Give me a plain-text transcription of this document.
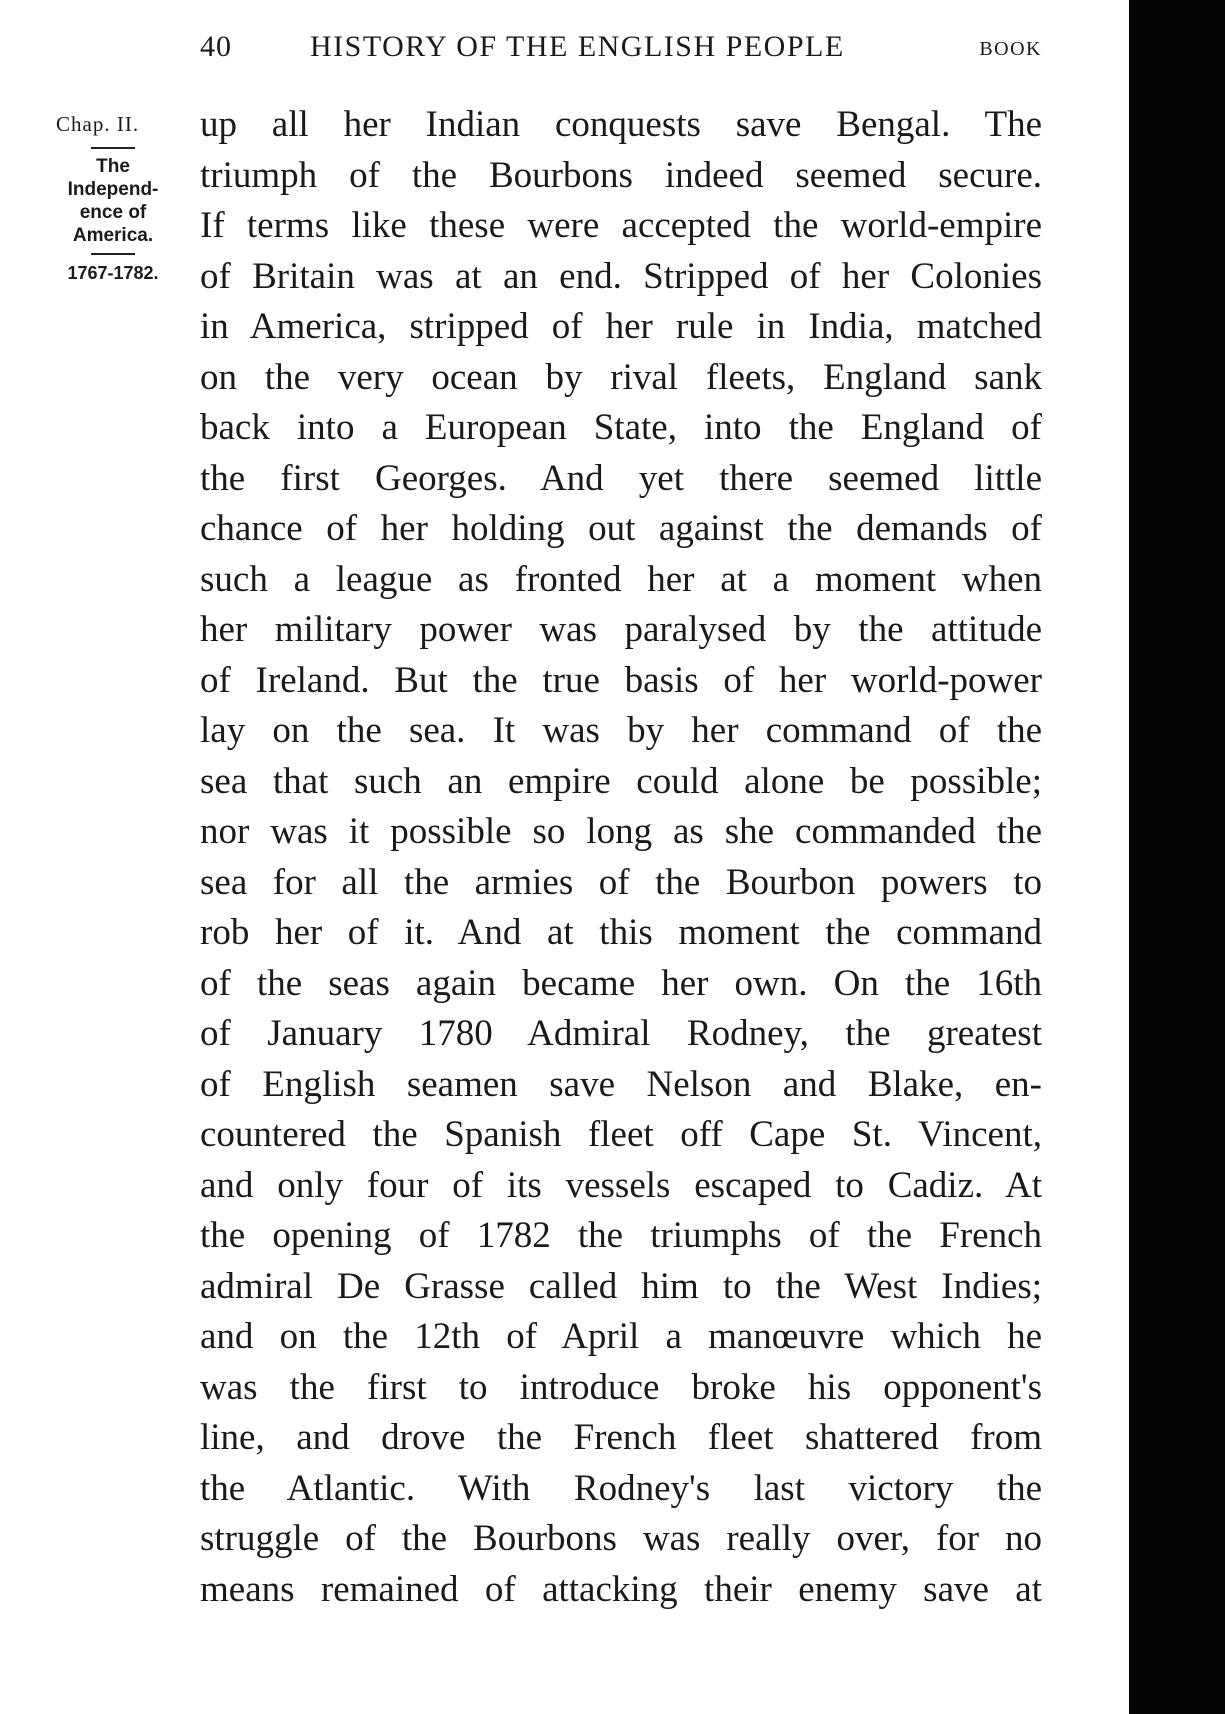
40	HISTORY OF THE ENGLISH PEOPLE	BOOK
Chap. II.
The
Independ-
ence of
America.
1767-1782.
up all her Indian conquests save Bengal. The
triumph of the Bourbons indeed seemed secure.
If terms like these were accepted the world-empire
of Britain was at an end. Stripped of her Colonies
in America, stripped of her rule in India, matched
on the very ocean by rival fleets, England sank
back into a European State, into the England of
the first Georges. And yet there seemed little
chance of her holding out against the demands of
such a league as fronted her at a moment when
her military power was paralysed by the attitude
of Ireland. But the true basis of her world-power
lay on the sea. It was by her command of the
sea that such an empire could alone be possible;
nor was it possible so long as she commanded the
sea for all the armies of the Bourbon powers to
rob her of it. And at this moment the command
of the seas again became her own. On the 16th
of January 1780 Admiral Rodney, the greatest
of English seamen save Nelson and Blake, en-
countered the Spanish fleet off Cape St. Vincent,
and only four of its vessels escaped to Cadiz. At
the opening of 1782 the triumphs of the French
admiral De Grasse called him to the West Indies;
and on the 12th of April a manœuvre which he
was the first to introduce broke his opponent's
line, and drove the French fleet shattered from
the Atlantic. With Rodney's last victory the
struggle of the Bourbons was really over, for no
means remained of attacking their enemy save at
